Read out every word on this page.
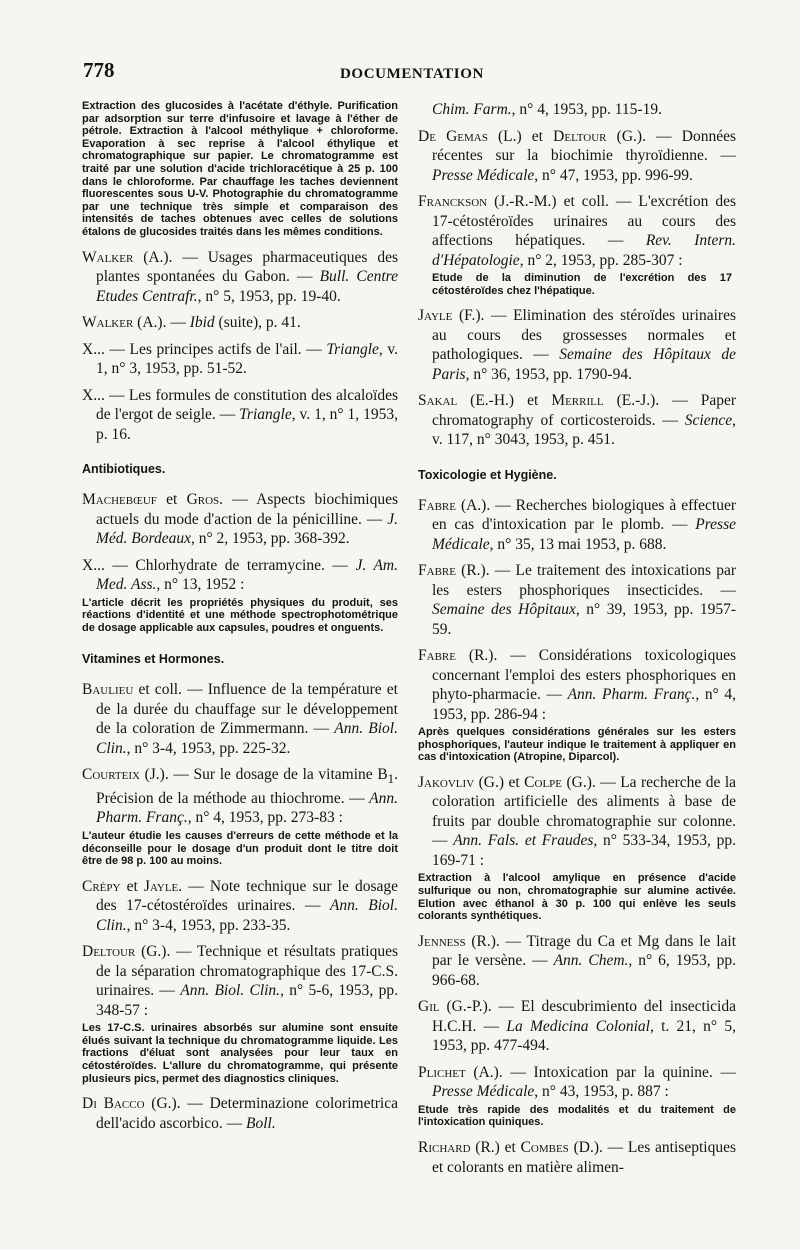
778	DOCUMENTATION

Extraction des glucosides à l'acétate d'éthyle. Purification par adsorption sur terre d'infusoire et lavage à l'éther de pétrole. Extraction à l'alcool méthylique + chloroforme. Evaporation à sec reprise à l'alcool éthylique et chromatographique sur papier. Le chromatogramme est traité par une solution d'acide trichloracétique à 25 p. 100 dans le chloroforme. Par chauffage les taches deviennent fluorescentes sous U-V. Photographie du chromatogramme par une technique très simple et comparaison des intensités de taches obtenues avec celles de solutions étalons de glucosides traités dans les mêmes conditions.

Walker (A.). — Usages pharmaceutiques des plantes spontanées du Gabon. — Bull. Centre Etudes Centrafr., n° 5, 1953, pp. 19-40.

Walker (A.). — Ibid (suite), p. 41.

X... — Les principes actifs de l'ail. — Triangle, v. 1, n° 3, 1953, pp. 51-52.

X... — Les formules de constitution des alcaloïdes de l'ergot de seigle. — Triangle, v. 1, n° 1, 1953, p. 16.

Antibiotiques.

Machebœuf et Gros. — Aspects biochimiques actuels du mode d'action de la pénicilline. — J. Méd. Bordeaux, n° 2, 1953, pp. 368-392.

X... — Chlorhydrate de terramycine. — J. Am. Med. Ass., n° 13, 1952 :

L'article décrit les propriétés physiques du produit, ses réactions d'identité et une méthode spectrophotométrique de dosage applicable aux capsules, poudres et onguents.

Vitamines et Hormones.

Baulieu et coll. — Influence de la température et de la durée du chauffage sur le développement de la coloration de Zimmermann. — Ann. Biol. Clin., n° 3-4, 1953, pp. 225-32.

Courteix (J.). — Sur le dosage de la vitamine $B_1$. Précision de la méthode au thiochrome. — Ann. Pharm. Franç., n° 4, 1953, pp. 273-83 :

L'auteur étudie les causes d'erreurs de cette méthode et la déconseille pour le dosage d'un produit dont le titre doit être de 98 p. 100 au moins.

Crépy et Jayle. — Note technique sur le dosage des 17-cétostéroïdes urinaires. — Ann. Biol. Clin., n° 3-4, 1953, pp. 233-35.

Deltour (G.). — Technique et résultats pratiques de la séparation chromatographique des 17-C.S. urinaires. — Ann. Biol. Clin., n° 5-6, 1953, pp. 348-57 :

Les 17-C.S. urinaires absorbés sur alumine sont ensuite élués suivant la technique du chromatogramme liquide. Les fractions d'éluat sont analysées pour leur taux en cétostéroïdes. L'allure du chromatogramme, qui présente plusieurs pics, permet des diagnostics cliniques.

Di Bacco (G.). — Determinazione colorimetrica dell'acido ascorbico. — Boll.

Chim. Farm., n° 4, 1953, pp. 115-19.

De Gemas (L.) et Deltour (G.). — Données récentes sur la biochimie thyroïdienne. — Presse Médicale, n° 47, 1953, pp. 996-99.

Franckson (J.-R.-M.) et coll. — L'excrétion des 17-cétostéroïdes urinaires au cours des affections hépatiques. — Rev. Intern. d'Hépatologie, n° 2, 1953, pp. 285-307 :

Etude de la diminution de l'excrétion des 17 cétostéroïdes chez l'hépatique.

Jayle (F.). — Elimination des stéroïdes urinaires au cours des grossesses normales et pathologiques. — Semaine des Hôpitaux de Paris, n° 36, 1953, pp. 1790-94.

Sakal (E.-H.) et Merrill (E.-J.). — Paper chromatography of corticosteroids. — Science, v. 117, n° 3043, 1953, p. 451.

Toxicologie et Hygiène.

Fabre (A.). — Recherches biologiques à effectuer en cas d'intoxication par le plomb. — Presse Médicale, n° 35, 13 mai 1953, p. 688.

Fabre (R.). — Le traitement des intoxications par les esters phosphoriques insecticides. — Semaine des Hôpitaux, n° 39, 1953, pp. 1957-59.

Fabre (R.). — Considérations toxicologiques concernant l'emploi des esters phosphoriques en phyto-pharmacie. — Ann. Pharm. Franç., n° 4, 1953, pp. 286-94 :

Après quelques considérations générales sur les esters phosphoriques, l'auteur indique le traitement à appliquer en cas d'intoxication (Atropine, Diparcol).

Jakovliv (G.) et Colpe (G.). — La recherche de la coloration artificielle des aliments à base de fruits par double chromatographie sur colonne. — Ann. Fals. et Fraudes, n° 533-34, 1953, pp. 169-71 :

Extraction à l'alcool amylique en présence d'acide sulfurique ou non, chromatographie sur alumine activée. Elution avec éthanol à 30 p. 100 qui enlève les seuls colorants synthétiques.

Jenness (R.). — Titrage du Ca et Mg dans le lait par le versène. — Ann. Chem., n° 6, 1953, pp. 966-68.

Gil (G.-P.). — El descubrimiento del insecticida H.C.H. — La Medicina Colonial, t. 21, n° 5, 1953, pp. 477-494.

Plichet (A.). — Intoxication par la quinine. — Presse Médicale, n° 43, 1953, p. 887 :

Etude très rapide des modalités et du traitement de l'intoxication quiniques.

Richard (R.) et Combes (D.). — Les antiseptiques et colorants en matière alimen-
